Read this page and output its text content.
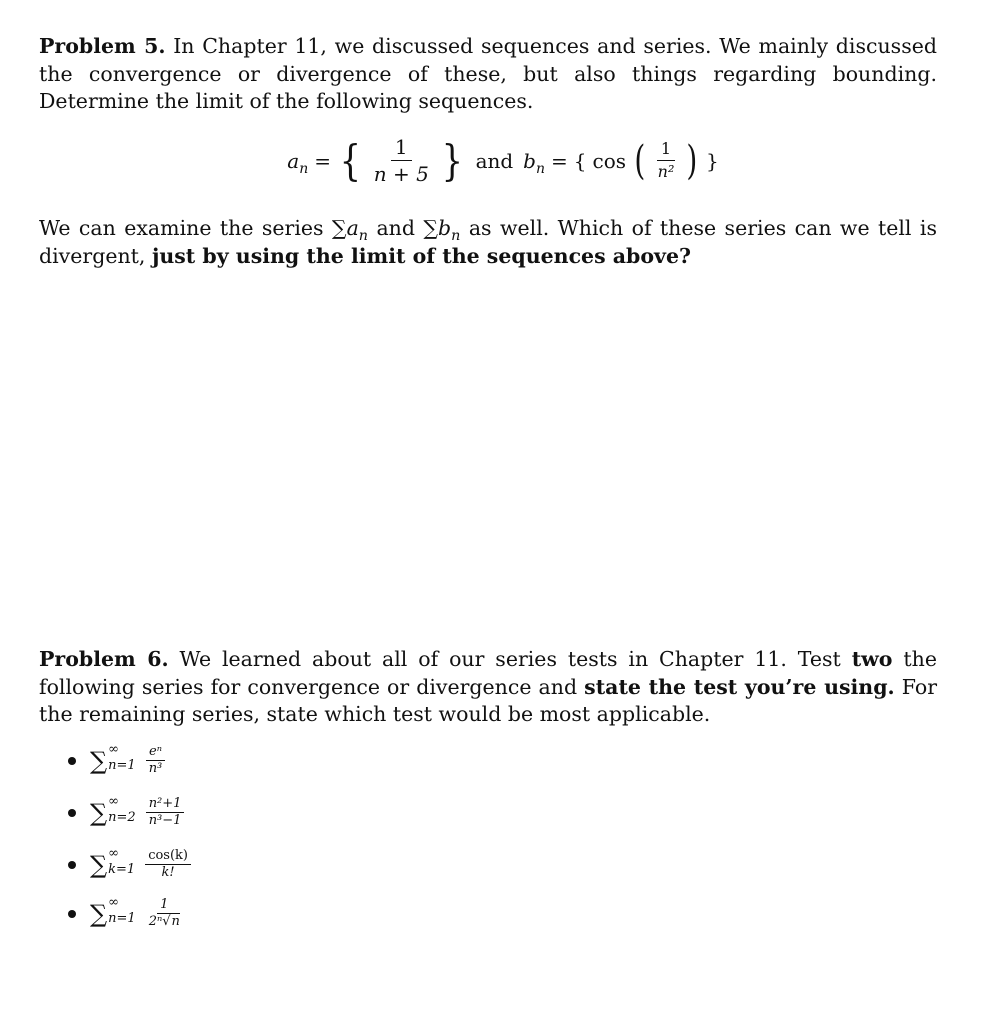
Problem 5. In Chapter 11, we discussed sequences and series. We mainly discussed the convergence or divergence of these, but also things regarding bounding. Determine the limit of the following sequences.
$a_n$ = { $\frac{1}{n + 5}$ } and $b_n$ = { cos ( $\frac{1}{\text{n²}}$ ) }
We can examine the series $\sum a_n$ and $\sum b_n$ as well. Which of these series can we tell is divergent, just by using the limit of the sequences above?
Problem 6. We learned about all of our series tests in Chapter 11. Test two the following series for convergence or divergence and state the test you’re using. For the remaining series, state which test would be most applicable.
∑ ∞
$n=1 \frac{\text{eⁿ}}{\text{n³}}$
∑ ∞
$n=2 \frac{\text{n²+1}}{\text{n³−1}}$
∑ ∞
$k=1 \frac{\cos(k)}{k!}$
∑ ∞
$n=1 \frac{1}{\text{2ⁿ√n}}$
